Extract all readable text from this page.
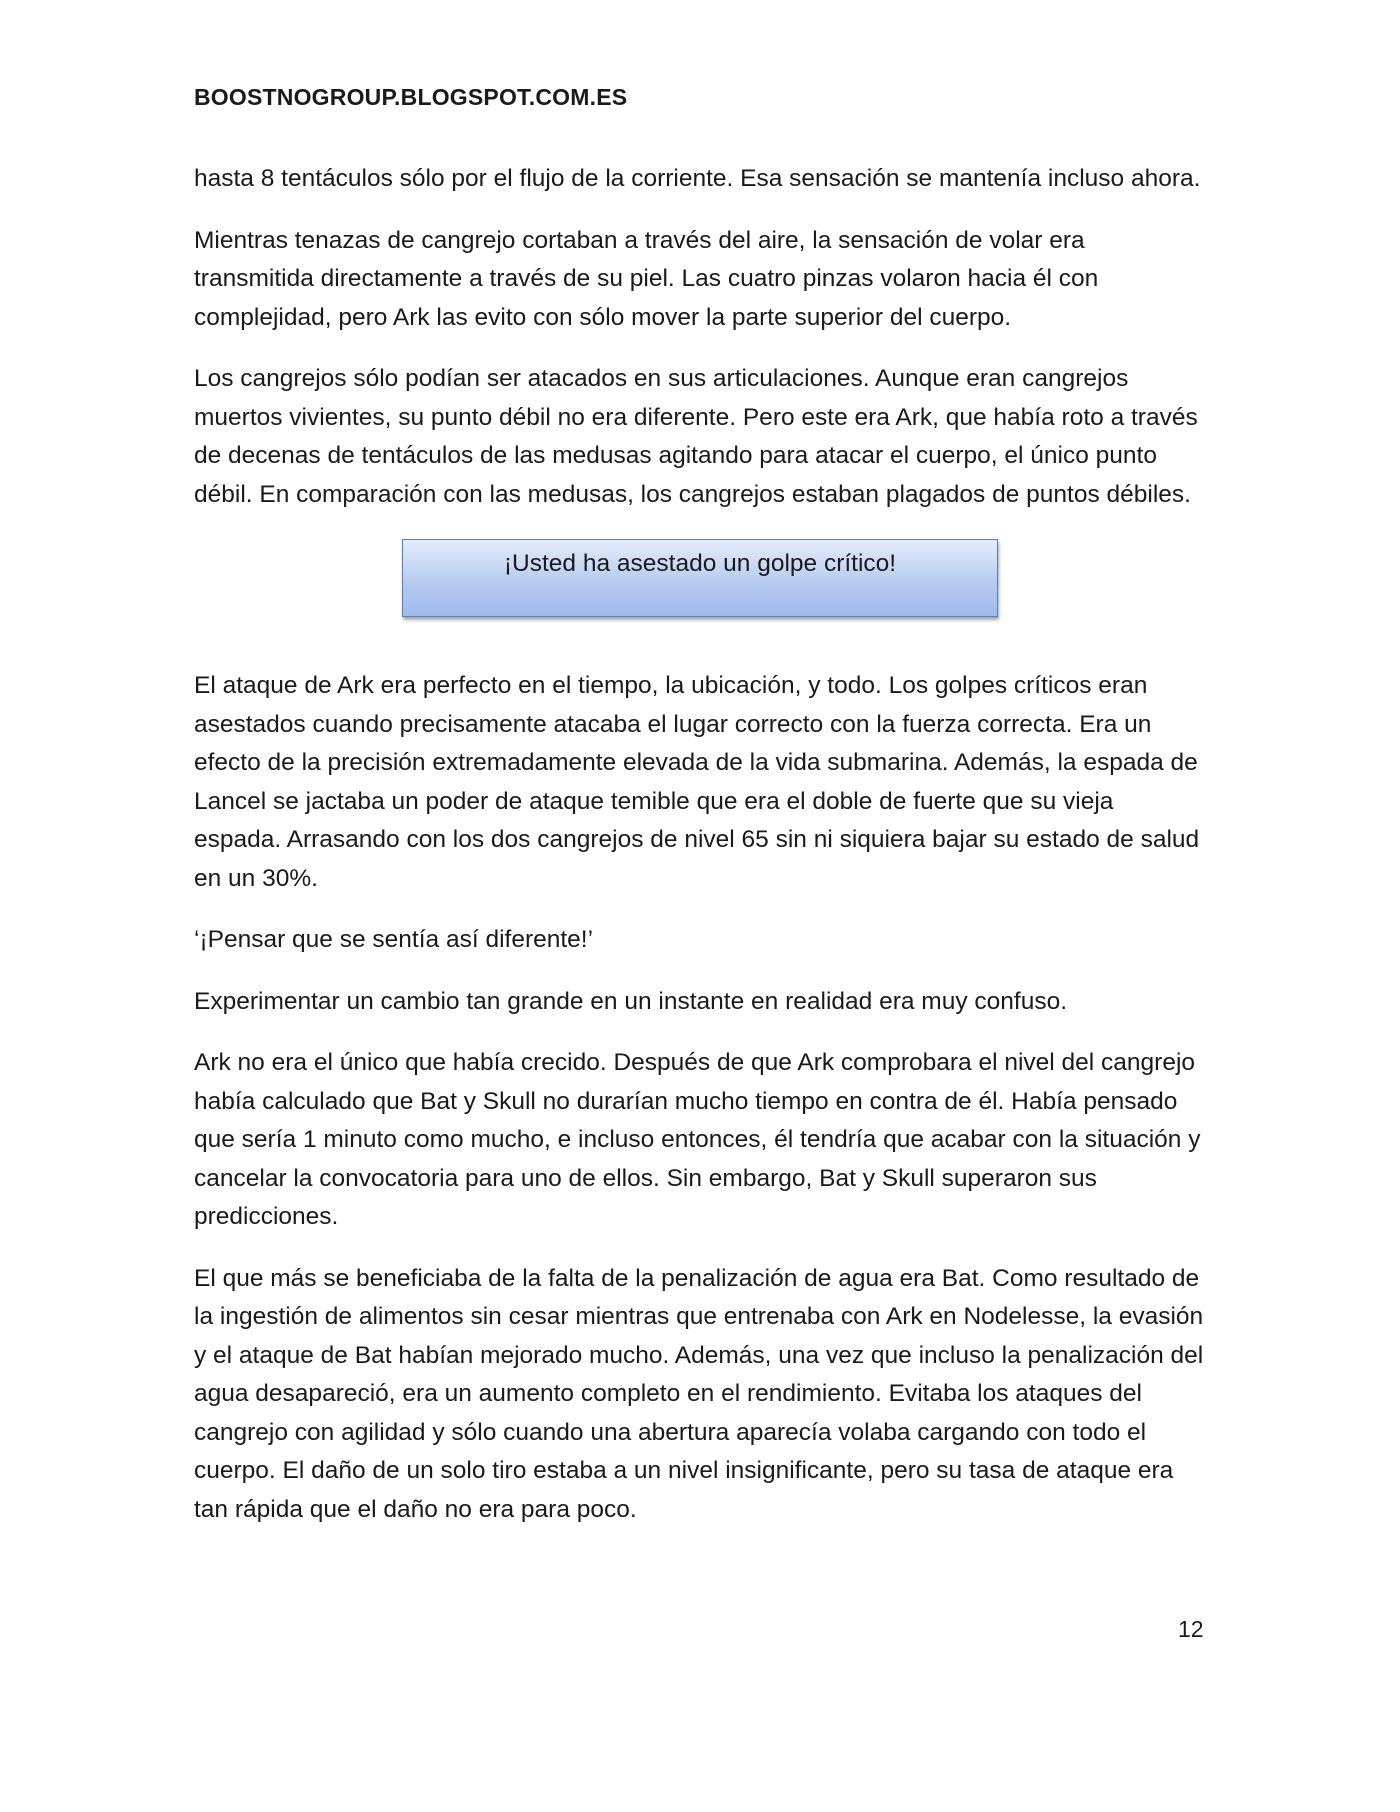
BOOSTNOGROUP.BLOGSPOT.COM.ES

hasta 8 tentáculos sólo por el flujo de la corriente. Esa sensación se mantenía incluso ahora.

Mientras tenazas de cangrejo cortaban a través del aire, la sensación de volar era transmitida directamente a través de su piel. Las cuatro pinzas volaron hacia él con complejidad, pero Ark las evito con sólo mover la parte superior del cuerpo.

Los cangrejos sólo podían ser atacados en sus articulaciones. Aunque eran cangrejos muertos vivientes, su punto débil no era diferente. Pero este era Ark, que había roto a través de decenas de tentáculos de las medusas agitando para atacar el cuerpo, el único punto débil. En comparación con las medusas, los cangrejos estaban plagados de puntos débiles.

¡Usted ha asestado un golpe crítico!

El ataque de Ark era perfecto en el tiempo, la ubicación, y todo. Los golpes críticos eran asestados cuando precisamente atacaba el lugar correcto con la fuerza correcta. Era un efecto de la precisión extremadamente elevada de la vida submarina. Además, la espada de Lancel se jactaba un poder de ataque temible que era el doble de fuerte que su vieja espada. Arrasando con los dos cangrejos de nivel 65 sin ni siquiera bajar su estado de salud en un 30%.

‘¡Pensar que se sentía así diferente!’

Experimentar un cambio tan grande en un instante en realidad era muy confuso.

Ark no era el único que había crecido. Después de que Ark comprobara el nivel del cangrejo había calculado que Bat y Skull no durarían mucho tiempo en contra de él. Había pensado que sería 1 minuto como mucho, e incluso entonces, él tendría que acabar con la situación y cancelar la convocatoria para uno de ellos. Sin embargo, Bat y Skull superaron sus predicciones.

El que más se beneficiaba de la falta de la penalización de agua era Bat. Como resultado de la ingestión de alimentos sin cesar mientras que entrenaba con Ark en Nodelesse, la evasión y el ataque de Bat habían mejorado mucho. Además, una vez que incluso la penalización del agua desapareció, era un aumento completo en el rendimiento. Evitaba los ataques del cangrejo con agilidad y sólo cuando una abertura aparecía volaba cargando con todo el cuerpo. El daño de un solo tiro estaba a un nivel insignificante, pero su tasa de ataque era tan rápida que el daño no era para poco.

12
